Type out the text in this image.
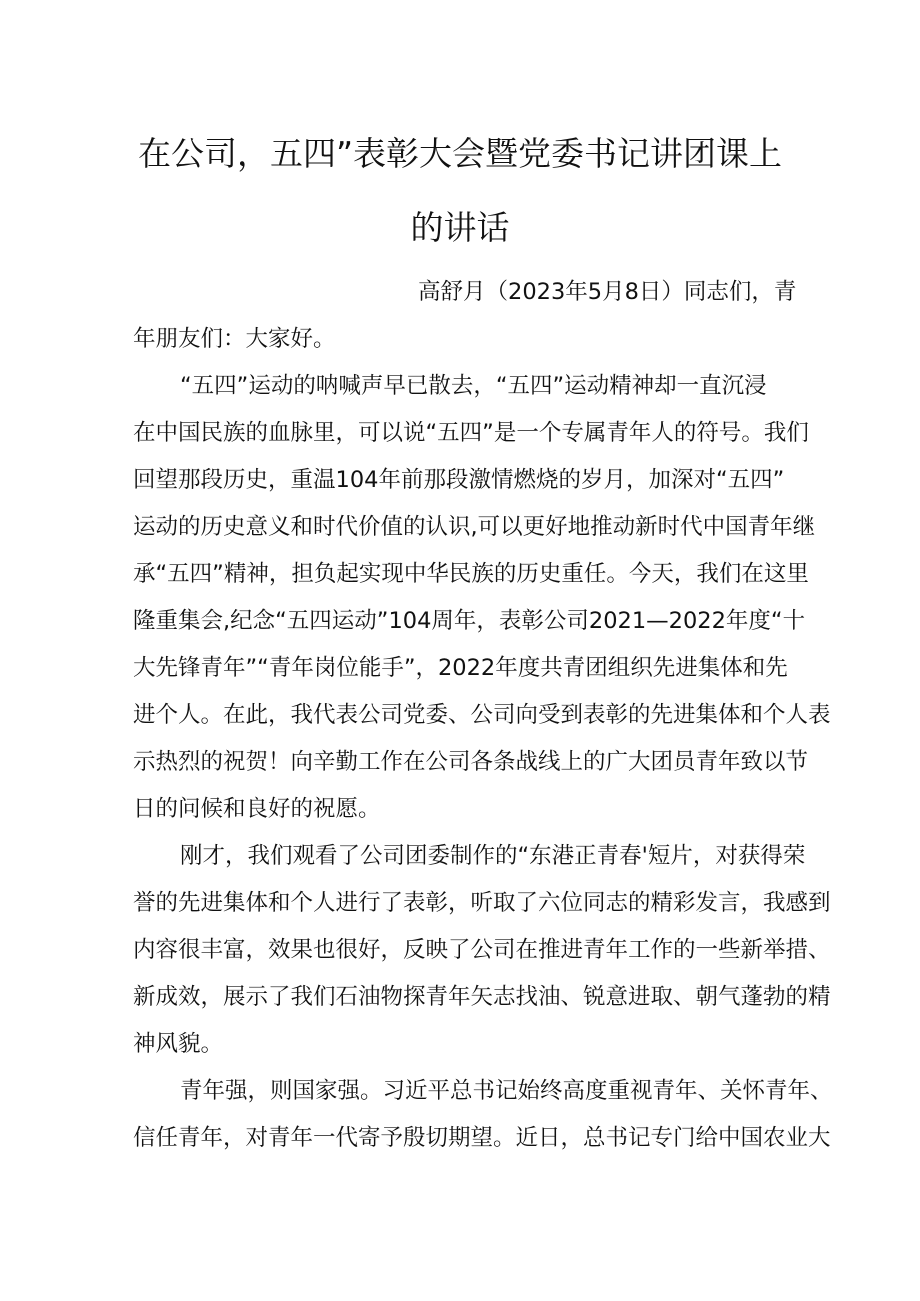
在公司，五四”表彰大会暨党委书记讲团课上
的讲话

高舒月（2023年5月8日）同志们，青

年朋友们：大家好。

“五四”运动的呐喊声早已散去，“五四”运动精神却一直沉浸

在中国民族的血脉里，可以说“五四”是一个专属青年人的符号。我们

回望那段历史，重温104年前那段激情燃烧的岁月，加深对“五四”

运动的历史意义和时代价值的认识,可以更好地推动新时代中国青年继

承“五四”精神，担负起实现中华民族的历史重任。今天，我们在这里

隆重集会,纪念“五四运动”104周年，表彰公司2021—2022年度“十

大先锋青年”“青年岗位能手”，2022年度共青团组织先进集体和先

进个人。在此，我代表公司党委、公司向受到表彰的先进集体和个人表

示热烈的祝贺！向辛勤工作在公司各条战线上的广大团员青年致以节

日的问候和良好的祝愿。

刚才，我们观看了公司团委制作的“东港正青春'短片，对获得荣

誉的先进集体和个人进行了表彰，听取了六位同志的精彩发言，我感到

内容很丰富，效果也很好，反映了公司在推进青年工作的一些新举措、

新成效，展示了我们石油物探青年矢志找油、锐意进取、朝气蓬勃的精

神风貌。

青年强，则国家强。习近平总书记始终高度重视青年、关怀青年、

信任青年，对青年一代寄予殷切期望。近日，总书记专门给中国农业大
